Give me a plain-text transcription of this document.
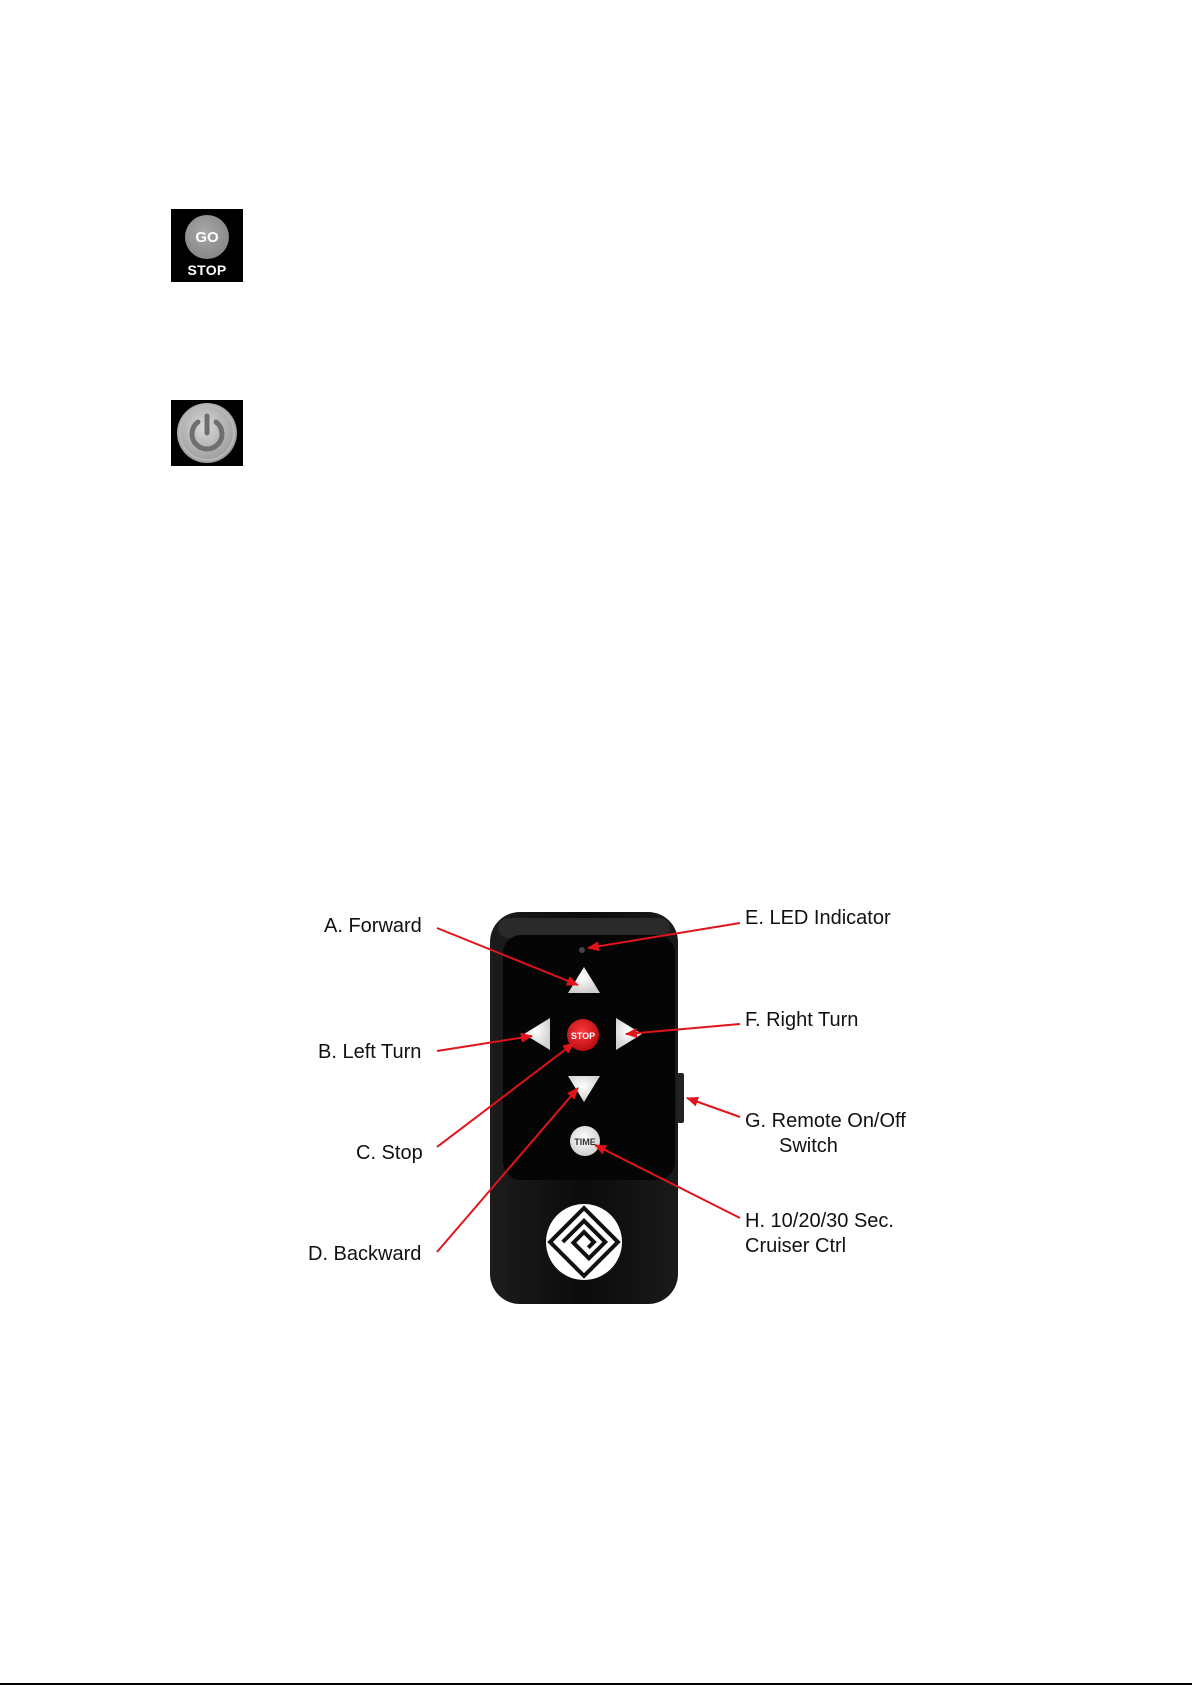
GO
STOP
STOP
TIME
A. Forward
B. Left Turn
C. Stop
D. Backward
E. LED Indicator
F. Right Turn
G. Remote On/Off
Switch
H. 10/20/30 Sec.
Cruiser Ctrl
